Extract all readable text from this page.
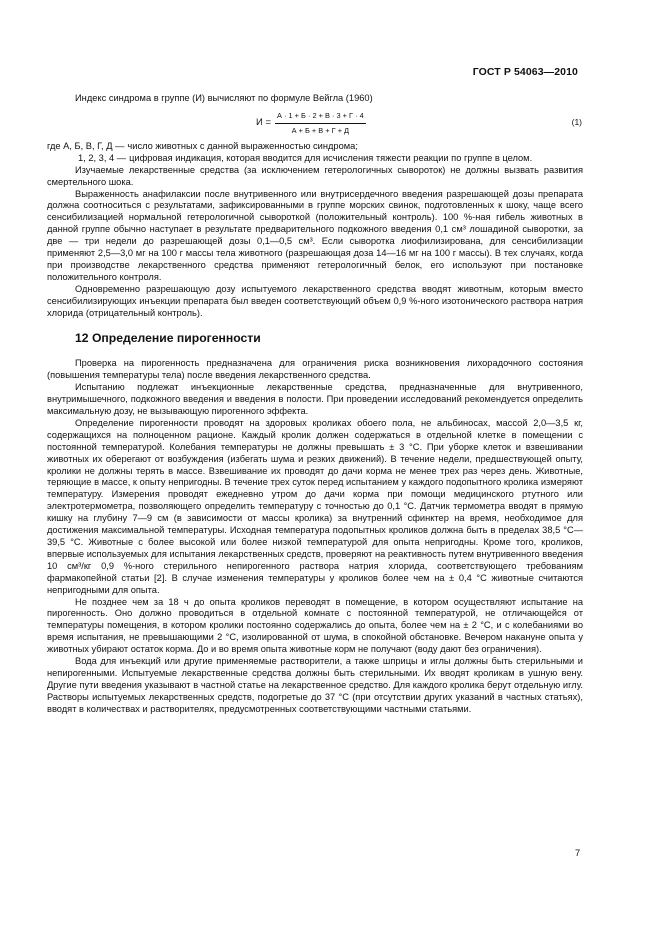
ГОСТ Р 54063—2010

Индекс синдрома в группе (И) вычисляют по формуле Вейгла (1960)

$И = \frac{А \cdot 1 + Б \cdot 2 + В \cdot 3 + Г \cdot 4}{А + Б + В + Г + Д}$	(1)
где А, Б, В, Г, Д — число животных с данной выраженностью синдрома;
1, 2, 3, 4 — цифровая индикация, которая вводится для исчисления тяжести реакции по группе в целом.

Изучаемые лекарственные средства (за исключением гетерологичных сывороток) не должны вызвать развития смертельного шока.

Выраженность анафилаксии после внутривенного или внутрисердечного введения разрешающей дозы препарата должна соотноситься с результатами, зафиксированными в группе морских свинок, подготовленных к шоку, чаще всего сенсибилизацией нормальной гетерологичной сывороткой (положительный контроль). 100 %-ная гибель животных в данной группе обычно наступает в результате предварительного подкожного введения 0,1 см³ лошадиной сыворотки, за две — три недели до разрешающей дозы 0,1—0,5 см³. Если сыворотка лиофилизирована, для сенсибилизации применяют 2,5—3,0 мг на 100 г массы тела животного (разрешающая доза 14—16 мг на 100 г массы). В тех случаях, когда при производстве лекарственного средства применяют гетерологичный белок, его используют при постановке положительного контроля.

Одновременно разрешающую дозу испытуемого лекарственного средства вводят животным, которым вместо сенсибилизирующих инъекции препарата был введен соответствующий объем 0,9 %-ного изотонического раствора натрия хлорида (отрицательный контроль).

12 Определение пирогенности

Проверка на пирогенность предназначена для ограничения риска возникновения лихорадочного состояния (повышения температуры тела) после введения лекарственного средства.

Испытанию подлежат инъекционные лекарственные средства, предназначенные для внутривенного, внутримышечного, подкожного введения и введения в полости. При проведении исследований рекомендуется определить максимальную дозу, не вызывающую пирогенного эффекта.

Определение пирогенности проводят на здоровых кроликах обоего пола, не альбиносах, массой 2,0—3,5 кг, содержащихся на полноценном рационе. Каждый кролик должен содержаться в отдельной клетке в помещении с постоянной температурой. Колебания температуры не должны превышать ± 3 °С. При уборке клеток и взвешивании животных их оберегают от возбуждения (избегать шума и резких движений). В течение недели, предшествующей опыту, кролики не должны терять в массе. Взвешивание их проводят до дачи корма не менее трех раз через день. Животные, теряющие в массе, к опыту непригодны. В течение трех суток перед испытанием у каждого подопытного кролика измеряют температуру. Измерения проводят ежедневно утром до дачи корма при помощи медицинского ртутного или электротермометра, позволяющего определить температуру с точностью до 0,1 °С. Датчик термометра вводят в прямую кишку на глубину 7—9 см (в зависимости от массы кролика) за внутренний сфинктер на время, необходимое для достижения максимальной температуры. Исходная температура подопытных кроликов должна быть в пределах 38,5 °С—39,5 °С. Животные с более высокой или более низкой температурой для опыта непригодны. Кроме того, кроликов, впервые используемых для испытания лекарственных средств, проверяют на реактивность путем внутривенного введения 10 см³/кг 0,9 %-ного стерильного непирогенного раствора натрия хлорида, соответствующего требованиям фармакопейной статьи [2]. В случае изменения температуры у кроликов более чем на ± 0,4 °С животные считаются непригодными для опыта.

Не позднее чем за 18 ч до опыта кроликов переводят в помещение, в котором осуществляют испытание на пирогенность. Оно должно проводиться в отдельной комнате с постоянной температурой, не отличающейся от температуры помещения, в котором кролики постоянно содержались до опыта, более чем на ± 2 °С, и с колебаниями во время испытания, не превышающими 2 °С, изолированной от шума, в спокойной обстановке. Вечером накануне опыта у животных убирают остаток корма. До и во время опыта животные корм не получают (воду дают без ограничения).

Вода для инъекций или другие применяемые растворители, а также шприцы и иглы должны быть стерильными и непирогенными. Испытуемые лекарственные средства должны быть стерильными. Их вводят кроликам в ушную вену. Другие пути введения указывают в частной статье на лекарственное средство. Для каждого кролика берут отдельную иглу. Растворы испытуемых лекарственных средств, подогретые до 37 °С (при отсутствии других указаний в частных статьях), вводят в количествах и растворителях, предусмотренных соответствующими частными статьями.

7
